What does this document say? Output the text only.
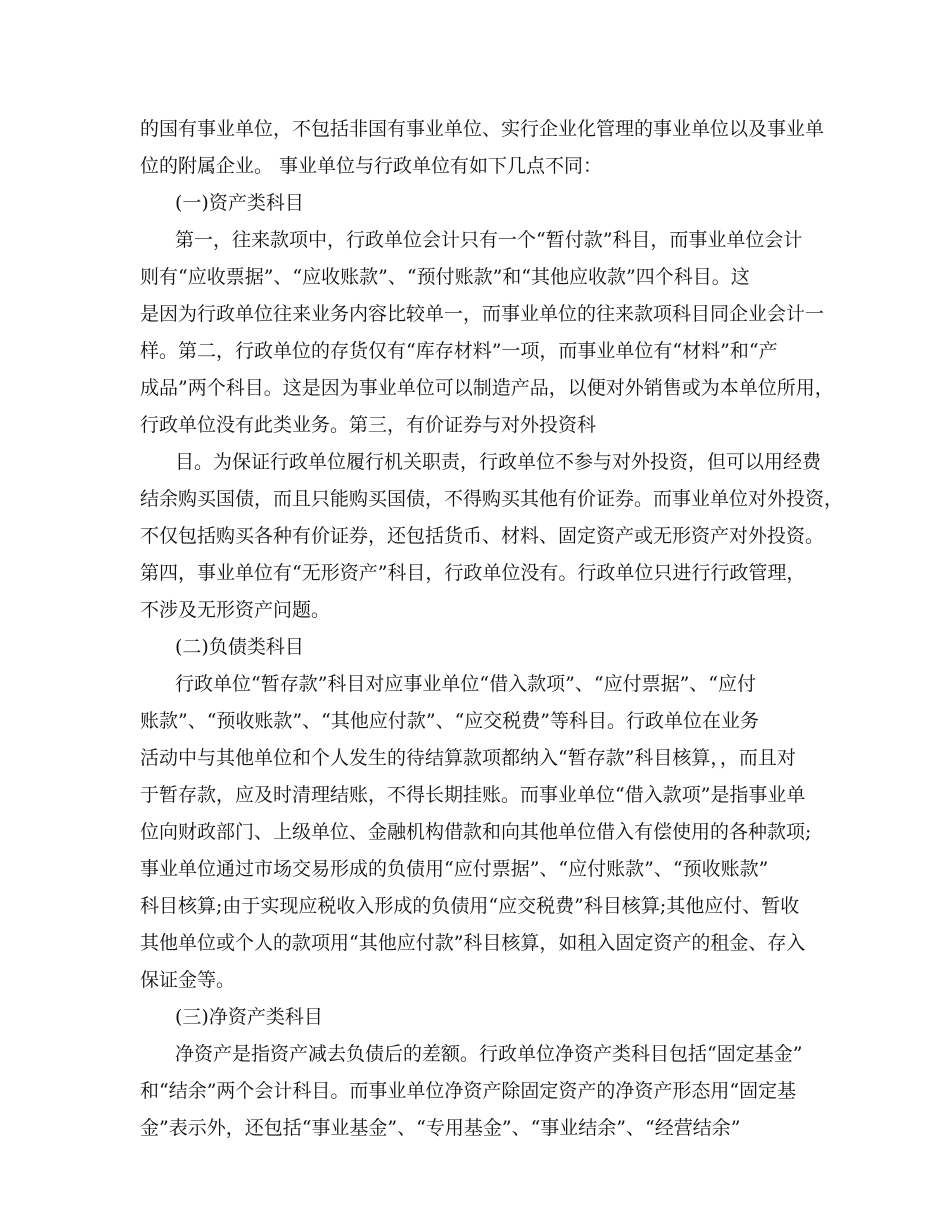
的国有事业单位，不包括非国有事业单位、实行企业化管理的事业单位以及事业单
位的附属企业。 事业单位与行政单位有如下几点不同：
(一)资产类科目
第一，往来款项中，行政单位会计只有一个“暂付款”科目，而事业单位会计
则有“应收票据”、“应收账款”、“预付账款”和“其他应收款”四个科目。这
是因为行政单位往来业务内容比较单一，而事业单位的往来款项科目同企业会计一
样。第二，行政单位的存货仅有“库存材料”一项，而事业单位有“材料”和“产
成品”两个科目。这是因为事业单位可以制造产品，以便对外销售或为本单位所用，
行政单位没有此类业务。第三，有价证券与对外投资科
目。为保证行政单位履行机关职责，行政单位不参与对外投资，但可以用经费
结余购买国债，而且只能购买国债，不得购买其他有价证券。而事业单位对外投资，
不仅包括购买各种有价证券，还包括货币、材料、固定资产或无形资产对外投资。
第四，事业单位有“无形资产”科目，行政单位没有。行政单位只进行行政管理，
不涉及无形资产问题。
(二)负债类科目
行政单位“暂存款”科目对应事业单位“借入款项”、“应付票据”、“应付
账款”、“预收账款”、“其他应付款”、“应交税费”等科目。行政单位在业务
活动中与其他单位和个人发生的待结算款项都纳入“暂存款”科目核算，，而且对
于暂存款，应及时清理结账，不得长期挂账。而事业单位“借入款项”是指事业单
位向财政部门、上级单位、金融机构借款和向其他单位借入有偿使用的各种款项;
事业单位通过市场交易形成的负债用“应付票据”、“应付账款”、“预收账款”
科目核算;由于实现应税收入形成的负债用“应交税费”科目核算;其他应付、暂收
其他单位或个人的款项用“其他应付款”科目核算，如租入固定资产的租金、存入
保证金等。
(三)净资产类科目
净资产是指资产减去负债后的差额。行政单位净资产类科目包括“固定基金”
和“结余”两个会计科目。而事业单位净资产除固定资产的净资产形态用“固定基
金”表示外，还包括“事业基金”、“专用基金”、“事业结余”、“经营结余”
